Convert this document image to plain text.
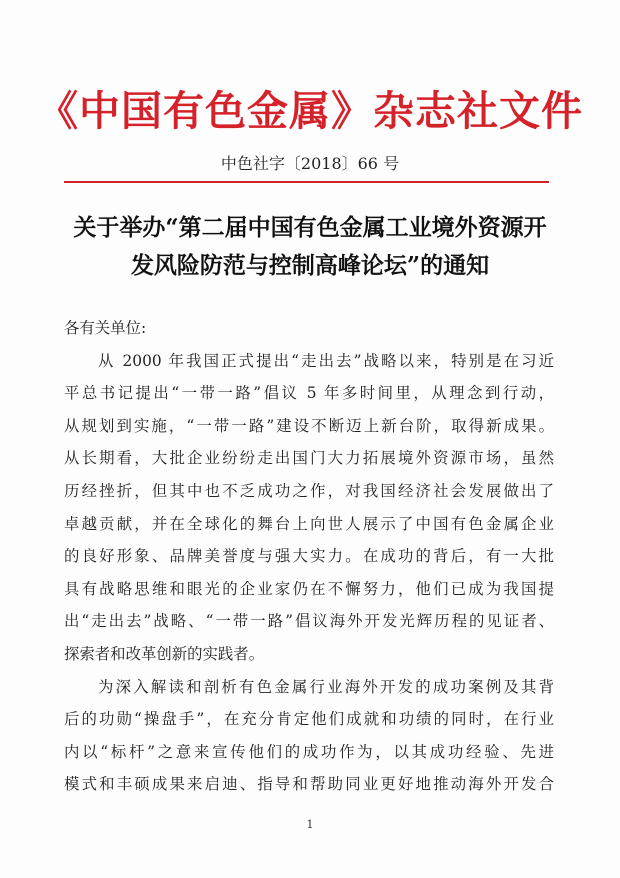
《中国有色金属》杂志社文件
中色社字〔2018〕66 号
关于举办“第二届中国有色金属工业境外资源开
发风险防范与控制高峰论坛”的通知
各有关单位:
从 2000 年我国正式提出“走出去”战略以来，特别是在习近
平总书记提出“一带一路”倡议 5 年多时间里，从理念到行动，
从规划到实施，“一带一路”建设不断迈上新台阶，取得新成果。
从长期看，大批企业纷纷走出国门大力拓展境外资源市场，虽然
历经挫折，但其中也不乏成功之作，对我国经济社会发展做出了
卓越贡献，并在全球化的舞台上向世人展示了中国有色金属企业
的良好形象、品牌美誉度与强大实力。在成功的背后，有一大批
具有战略思维和眼光的企业家仍在不懈努力，他们已成为我国提
出“走出去”战略、“一带一路”倡议海外开发光辉历程的见证者、
探索者和改革创新的实践者。
为深入解读和剖析有色金属行业海外开发的成功案例及其背
后的功勋“操盘手”，在充分肯定他们成就和功绩的同时，在行业
内以“标杆”之意来宣传他们的成功作为，以其成功经验、先进
模式和丰硕成果来启迪、指导和帮助同业更好地推动海外开发合
1
